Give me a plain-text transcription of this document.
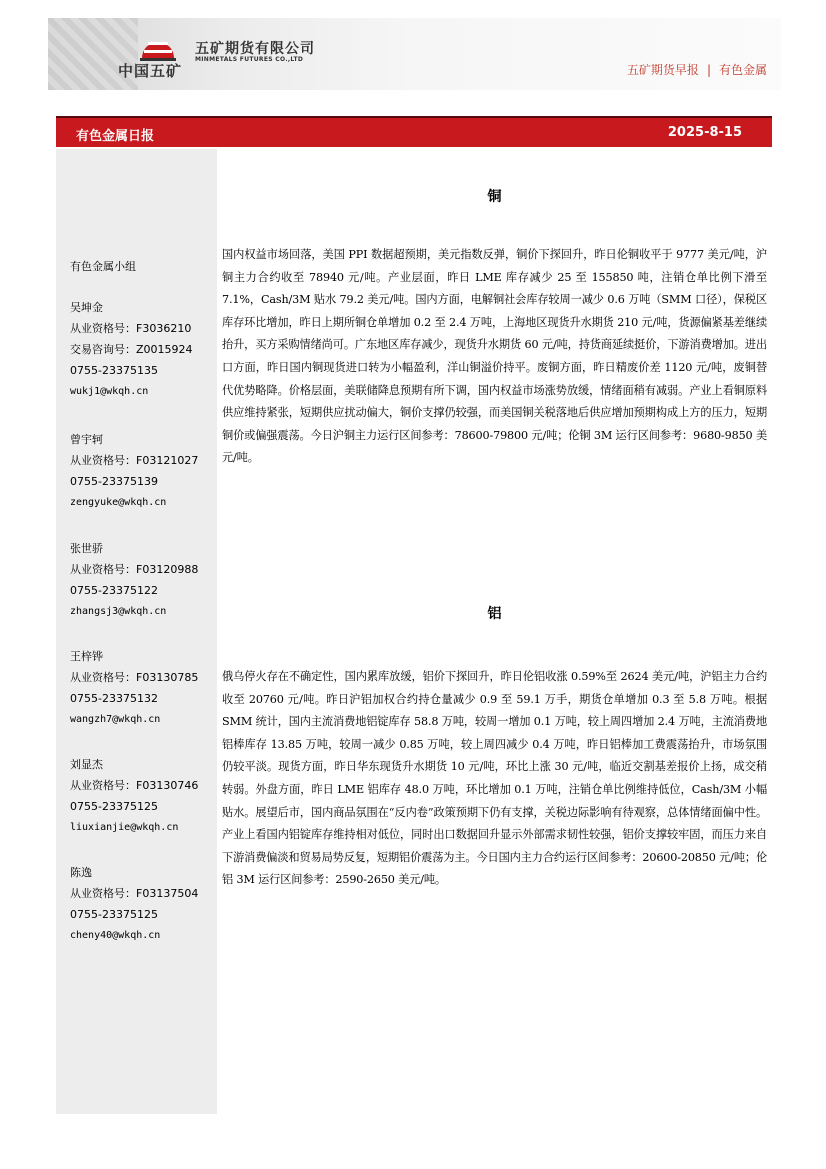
中国五矿
五矿期货有限公司
MINMETALS FUTURES CO.,LTD
五矿期货早报 | 有色金属
有色金属日报	2025-8-15
有色金属小组
吴坤金
从业资格号：F3036210
交易咨询号：Z0015924
0755-23375135
wukj1@wkqh.cn
曾宇轲
从业资格号：F03121027
0755-23375139
zengyuke@wkqh.cn
张世骄
从业资格号：F03120988
0755-23375122
zhangsj3@wkqh.cn
王梓铧
从业资格号：F03130785
0755-23375132
wangzh7@wkqh.cn
刘显杰
从业资格号：F03130746
0755-23375125
liuxianjie@wkqh.cn
陈逸
从业资格号：F03137504
0755-23375125
cheny40@wkqh.cn
铜

国内权益市场回落，美国 PPI 数据超预期，美元指数反弹，铜价下探回升，昨日伦铜收平于 9777 美元/吨，沪铜主力合约收至 78940 元/吨。产业层面，昨日 LME 库存减少 25 至 155850 吨，注销仓单比例下滑至 7.1%，Cash/3M 贴水 79.2 美元/吨。国内方面，电解铜社会库存较周一减少 0.6 万吨（SMM 口径），保税区库存环比增加，昨日上期所铜仓单增加 0.2 至 2.4 万吨，上海地区现货升水期货 210 元/吨，货源偏紧基差继续抬升，买方采购情绪尚可。广东地区库存减少，现货升水期货 60 元/吨，持货商延续挺价，下游消费增加。进出口方面，昨日国内铜现货进口转为小幅盈利，洋山铜溢价持平。废铜方面，昨日精废价差 1120 元/吨，废铜替代优势略降。价格层面，美联储降息预期有所下调，国内权益市场涨势放缓，情绪面稍有减弱。产业上看铜原料供应维持紧张，短期供应扰动偏大，铜价支撑仍较强，而美国铜关税落地后供应增加预期构成上方的压力，短期铜价或偏强震荡。今日沪铜主力运行区间参考：78600-79800 元/吨；伦铜 3M 运行区间参考：9680-9850 美元/吨。

铝

俄乌停火存在不确定性，国内累库放缓，铝价下探回升，昨日伦铝收涨 0.59%至 2624 美元/吨，沪铝主力合约收至 20760 元/吨。昨日沪铝加权合约持仓量减少 0.9 至 59.1 万手，期货仓单增加 0.3 至 5.8 万吨。根据 SMM 统计，国内主流消费地铝锭库存 58.8 万吨，较周一增加 0.1 万吨，较上周四增加 2.4 万吨，主流消费地铝棒库存 13.85 万吨，较周一减少 0.85 万吨，较上周四减少 0.4 万吨，昨日铝棒加工费震荡抬升，市场氛围仍较平淡。现货方面，昨日华东现货升水期货 10 元/吨，环比上涨 30 元/吨，临近交割基差报价上扬，成交稍转弱。外盘方面，昨日 LME 铝库存 48.0 万吨，环比增加 0.1 万吨，注销仓单比例维持低位，Cash/3M 小幅贴水。展望后市，国内商品氛围在“反内卷”政策预期下仍有支撑，关税边际影响有待观察，总体情绪面偏中性。产业上看国内铝锭库存维持相对低位，同时出口数据回升显示外部需求韧性较强，铝价支撑较牢固，而压力来自下游消费偏淡和贸易局势反复，短期铝价震荡为主。今日国内主力合约运行区间参考：20600-20850 元/吨；伦铝 3M 运行区间参考：2590-2650 美元/吨。
